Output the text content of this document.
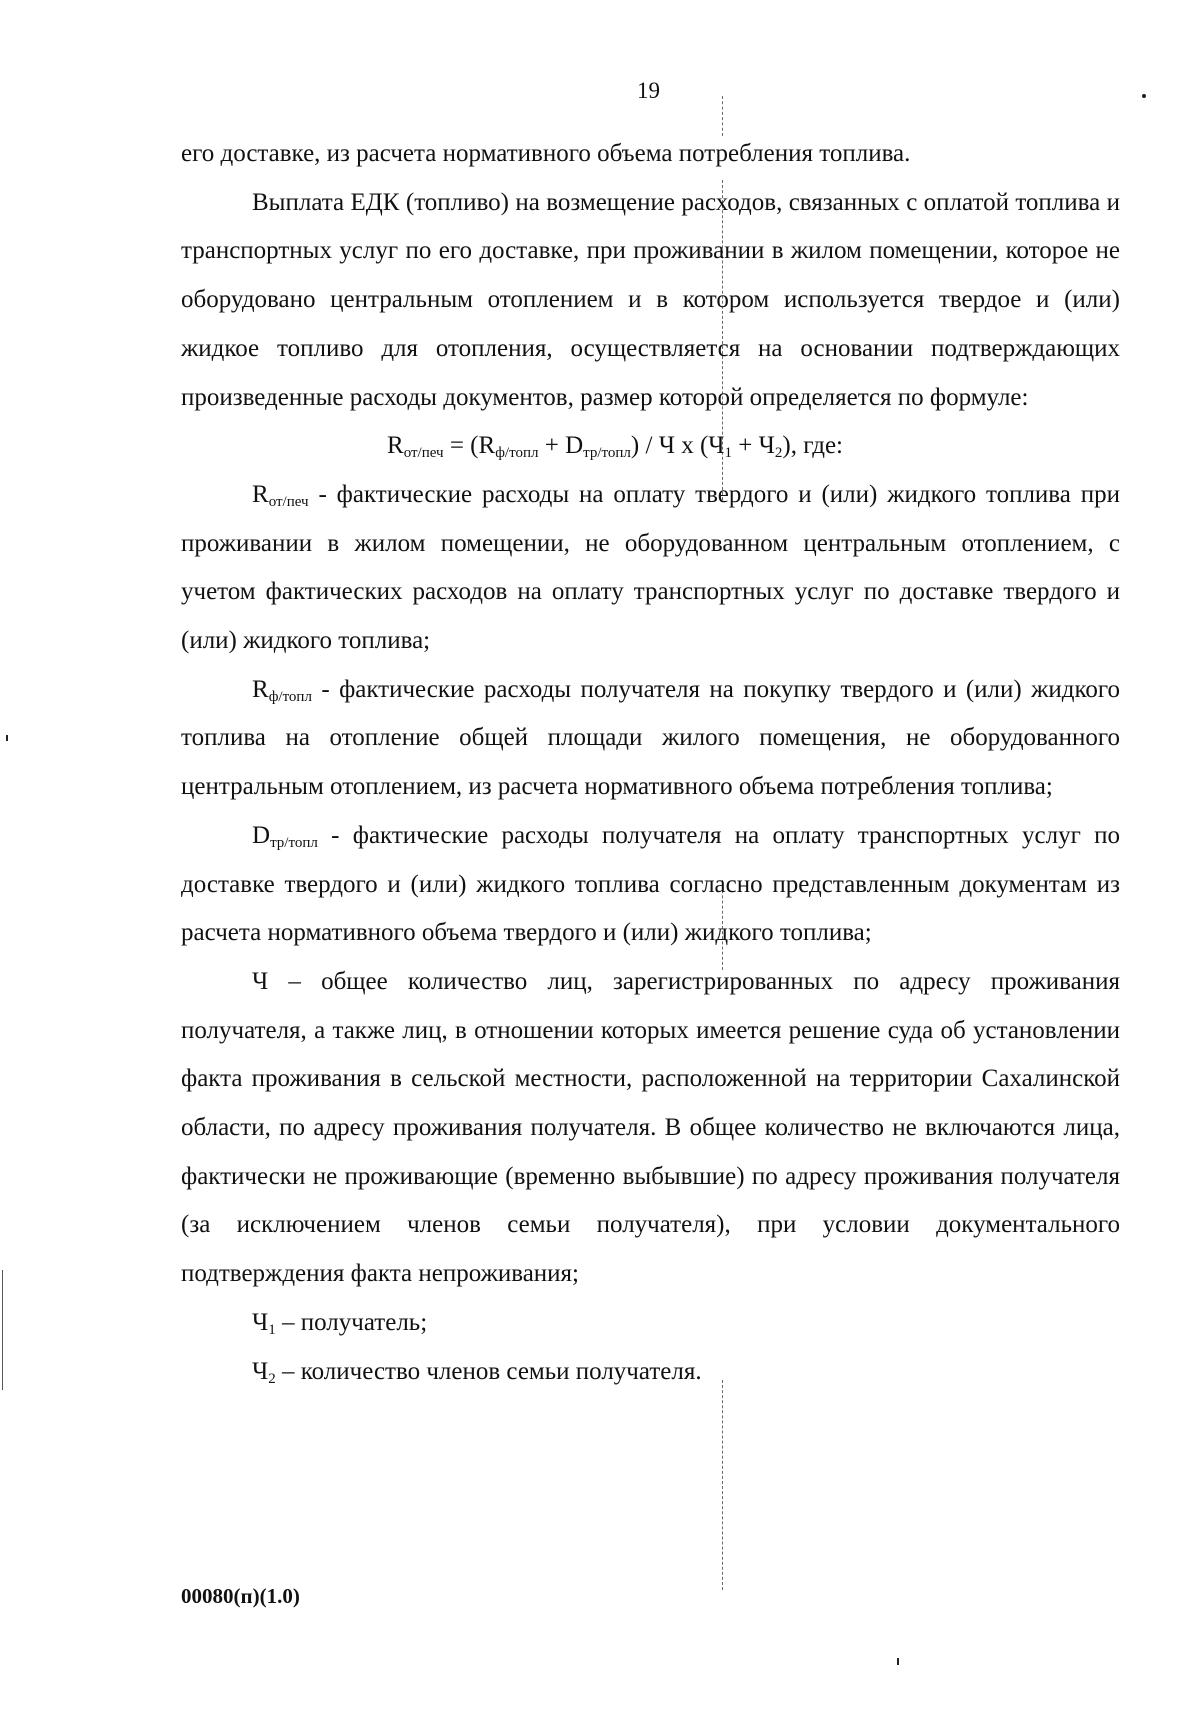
19

его доставке, из расчета нормативного объема потребления топлива.

Выплата ЕДК (топливо) на возмещение расходов, связанных с оплатой топлива и транспортных услуг по его доставке, при проживании в жилом помещении, которое не оборудовано центральным отоплением и в котором используется твердое и (или) жидкое топливо для отопления, осуществляется на основании подтверждающих произведенные расходы документов, размер которой определяется по формуле:

$R_{от/печ} = (R_{ф/топл} + D_{тр/топл}) / Ч$ x $(Ч_1 + Ч_2)$, где:

$R_{от/печ}$ - фактические расходы на оплату твердого и (или) жидкого топлива при проживании в жилом помещении, не оборудованном центральным отоплением, с учетом фактических расходов на оплату транспортных услуг по доставке твердого и (или) жидкого топлива;

$R_{ф/топл}$ - фактические расходы получателя на покупку твердого и (или) жидкого топлива на отопление общей площади жилого помещения, не оборудованного центральным отоплением, из расчета нормативного объема потребления топлива;

$D_{тр/топл}$ - фактические расходы получателя на оплату транспортных услуг по доставке твердого и (или) жидкого топлива согласно представленным документам из расчета нормативного объема твердого и (или) жидкого топлива;

Ч – общее количество лиц, зарегистрированных по адресу проживания получателя, а также лиц, в отношении которых имеется решение суда об установлении факта проживания в сельской местности, расположенной на территории Сахалинской области, по адресу проживания получателя. В общее количество не включаются лица, фактически не проживающие (временно выбывшие) по адресу проживания получателя (за исключением членов семьи получателя), при условии документального подтверждения факта непроживания;

$Ч_1$ – получатель;

$Ч_2$ – количество членов семьи получателя.

00080(п)(1.0)
